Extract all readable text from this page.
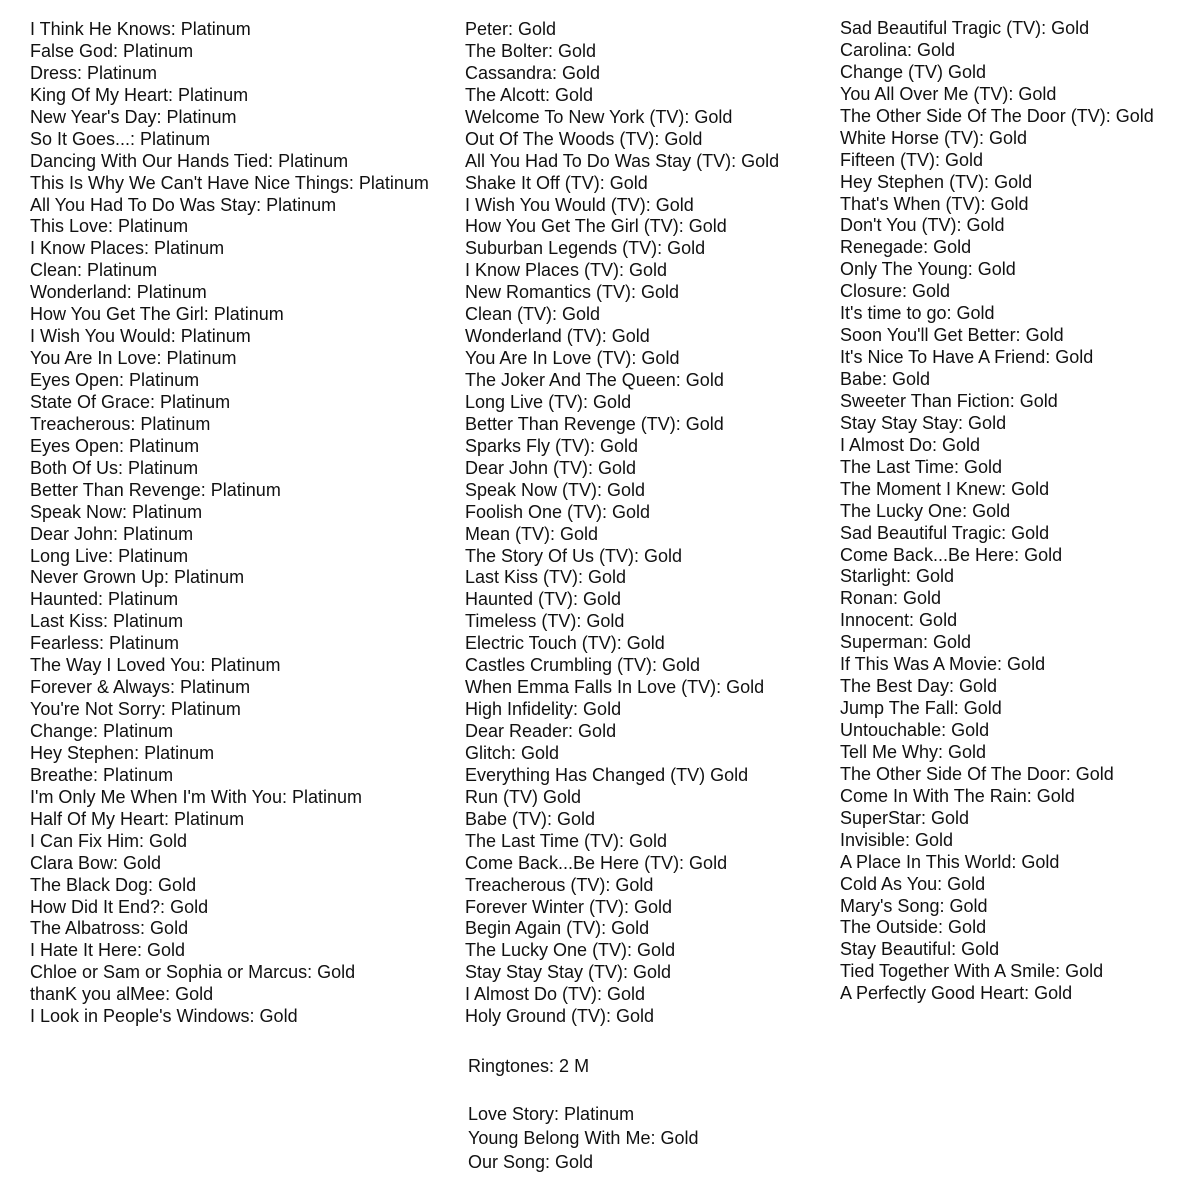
I Think He Knows: Platinum
False God: Platinum
Dress: Platinum
King Of My Heart: Platinum
New Year's Day: Platinum
So It Goes...: Platinum
Dancing With Our Hands Tied: Platinum
This Is Why We Can't Have Nice Things: Platinum
All You Had To Do Was Stay: Platinum
This Love: Platinum
I Know Places: Platinum
Clean: Platinum
Wonderland: Platinum
How You Get The Girl: Platinum
I Wish You Would: Platinum
You Are In Love: Platinum
Eyes Open: Platinum
State Of Grace: Platinum
Treacherous: Platinum
Eyes Open: Platinum
Both Of Us: Platinum
Better Than Revenge: Platinum
Speak Now: Platinum
Dear John: Platinum
Long Live: Platinum
Never Grown Up: Platinum
Haunted: Platinum
Last Kiss: Platinum
Fearless: Platinum
The Way I Loved You: Platinum
Forever & Always: Platinum
You're Not Sorry: Platinum
Change: Platinum
Hey Stephen: Platinum
Breathe: Platinum
I'm Only Me When I'm With You: Platinum
Half Of My Heart: Platinum
I Can Fix Him: Gold
Clara Bow: Gold
The Black Dog: Gold
How Did It End?: Gold
The Albatross: Gold
I Hate It Here: Gold
Chloe or Sam or Sophia or Marcus: Gold
thanK you alMee: Gold
I Look in People's Windows: Gold
Peter: Gold
The Bolter: Gold
Cassandra: Gold
The Alcott: Gold
Welcome To New York (TV): Gold
Out Of The Woods (TV): Gold
All You Had To Do Was Stay (TV): Gold
Shake It Off (TV): Gold
I Wish You Would (TV): Gold
How You Get The Girl (TV): Gold
Suburban Legends (TV): Gold
I Know Places (TV): Gold
New Romantics (TV): Gold
Clean (TV): Gold
Wonderland (TV): Gold
You Are In Love (TV): Gold
The Joker And The Queen: Gold
Long Live (TV): Gold
Better Than Revenge (TV): Gold
Sparks Fly (TV): Gold
Dear John (TV): Gold
Speak Now (TV): Gold
Foolish One (TV): Gold
Mean (TV): Gold
The Story Of Us (TV): Gold
Last Kiss (TV): Gold
Haunted (TV): Gold
Timeless (TV): Gold
Electric Touch (TV): Gold
Castles Crumbling (TV): Gold
When Emma Falls In Love (TV): Gold
High Infidelity: Gold
Dear Reader: Gold
Glitch: Gold
Everything Has Changed (TV) Gold
Run (TV) Gold
Babe (TV): Gold
The Last Time (TV): Gold
Come Back...Be Here (TV): Gold
Treacherous (TV): Gold
Forever Winter (TV): Gold
Begin Again (TV): Gold
The Lucky One (TV): Gold
Stay Stay Stay (TV): Gold
I Almost Do (TV): Gold
Holy Ground (TV): Gold
Sad Beautiful Tragic (TV): Gold
Carolina: Gold
Change (TV) Gold
You All Over Me (TV): Gold
The Other Side Of The Door (TV): Gold
White Horse (TV): Gold
Fifteen (TV): Gold
Hey Stephen (TV): Gold
That's When (TV): Gold
Don't You (TV): Gold
Renegade: Gold
Only The Young: Gold
Closure: Gold
It's time to go: Gold
Soon You'll Get Better: Gold
It's Nice To Have A Friend: Gold
Babe: Gold
Sweeter Than Fiction: Gold
Stay Stay Stay: Gold
I Almost Do: Gold
The Last Time: Gold
The Moment I Knew: Gold
The Lucky One: Gold
Sad Beautiful Tragic: Gold
Come Back...Be Here: Gold
Starlight: Gold
Ronan: Gold
Innocent: Gold
Superman: Gold
If This Was A Movie: Gold
The Best Day: Gold
Jump The Fall: Gold
Untouchable: Gold
Tell Me Why: Gold
The Other Side Of The Door: Gold
Come In With The Rain: Gold
SuperStar: Gold
Invisible: Gold
A Place In This World: Gold
Cold As You: Gold
Mary's Song: Gold
The Outside: Gold
Stay Beautiful: Gold
Tied Together With A Smile: Gold
A Perfectly Good Heart: Gold
Ringtones: 2 M
Love Story: Platinum
Young Belong With Me: Gold
Our Song: Gold
